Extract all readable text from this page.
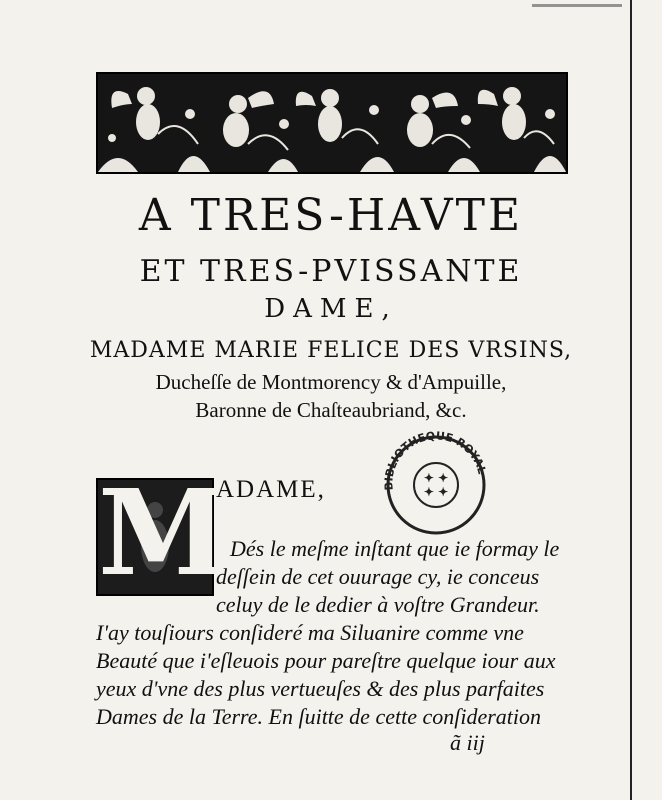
A TRES-HAVTE
ET TRES-PVISSANTE
DAME,
MADAME MARIE FELICE DES VRSINS,
Ducheſſe de Montmorency & d'Ampuille,
Baronne de Chaſteaubriand, &c.
M
ADAME,	BIBLIOTHEQUE ROYAL
✦ ✦
✦ ✦
Dés le meſme inſtant que ie formay le
deſſein de cet ouurage cy, ie conceus
celuy de le dedier à voſtre Grandeur.
I'ay touſiours conſideré ma Siluanire comme vne
Beauté que i'eſleuois pour pareſtre quelque iour aux
yeux d'vne des plus vertueuſes & des plus parfaites
Dames de la Terre. En ſuitte de cette conſideration
ã iij
